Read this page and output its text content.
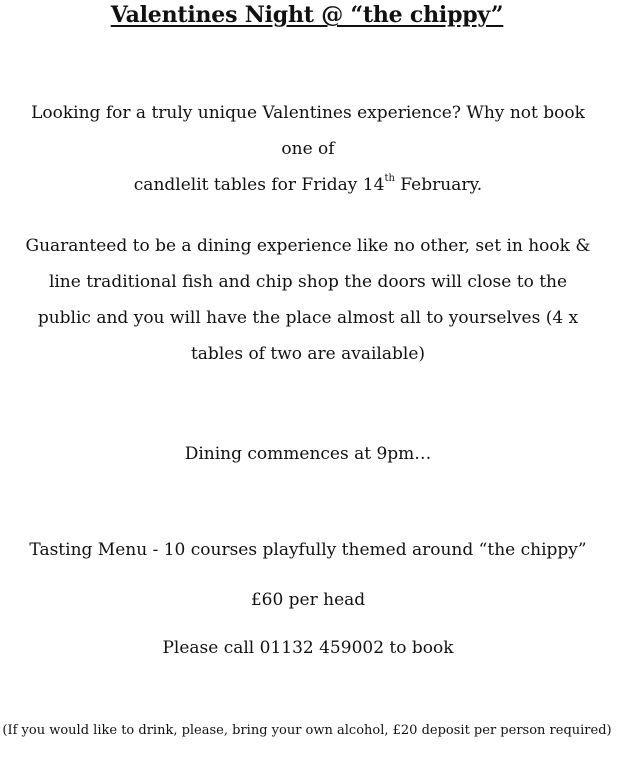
Valentines Night @ “the chippy”
Looking for a truly unique Valentines experience? Why not book one of
candlelit tables for Friday 14th February.
Guaranteed to be a dining experience like no other, set in hook & line traditional fish and chip shop the doors will close to the public and you will have the place almost all to yourselves (4 x tables of two are available)
Dining commences at 9pm…
Tasting Menu - 10 courses playfully themed around “the chippy”
£60 per head
Please call 01132 459002 to book
(If you would like to drink, please, bring your own alcohol, £20 deposit per person required)
